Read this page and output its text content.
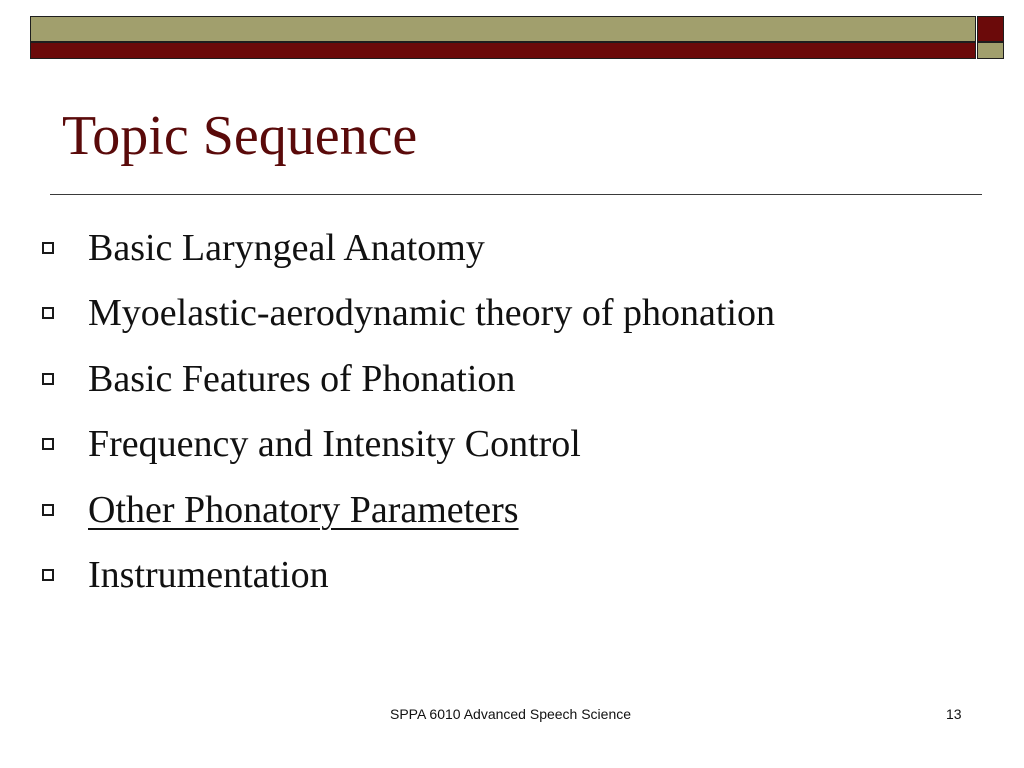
Topic Sequence
Basic Laryngeal Anatomy
Myoelastic-aerodynamic theory of phonation
Basic Features of Phonation
Frequency and Intensity Control
Other Phonatory Parameters
Instrumentation
SPPA 6010 Advanced Speech Science	13
